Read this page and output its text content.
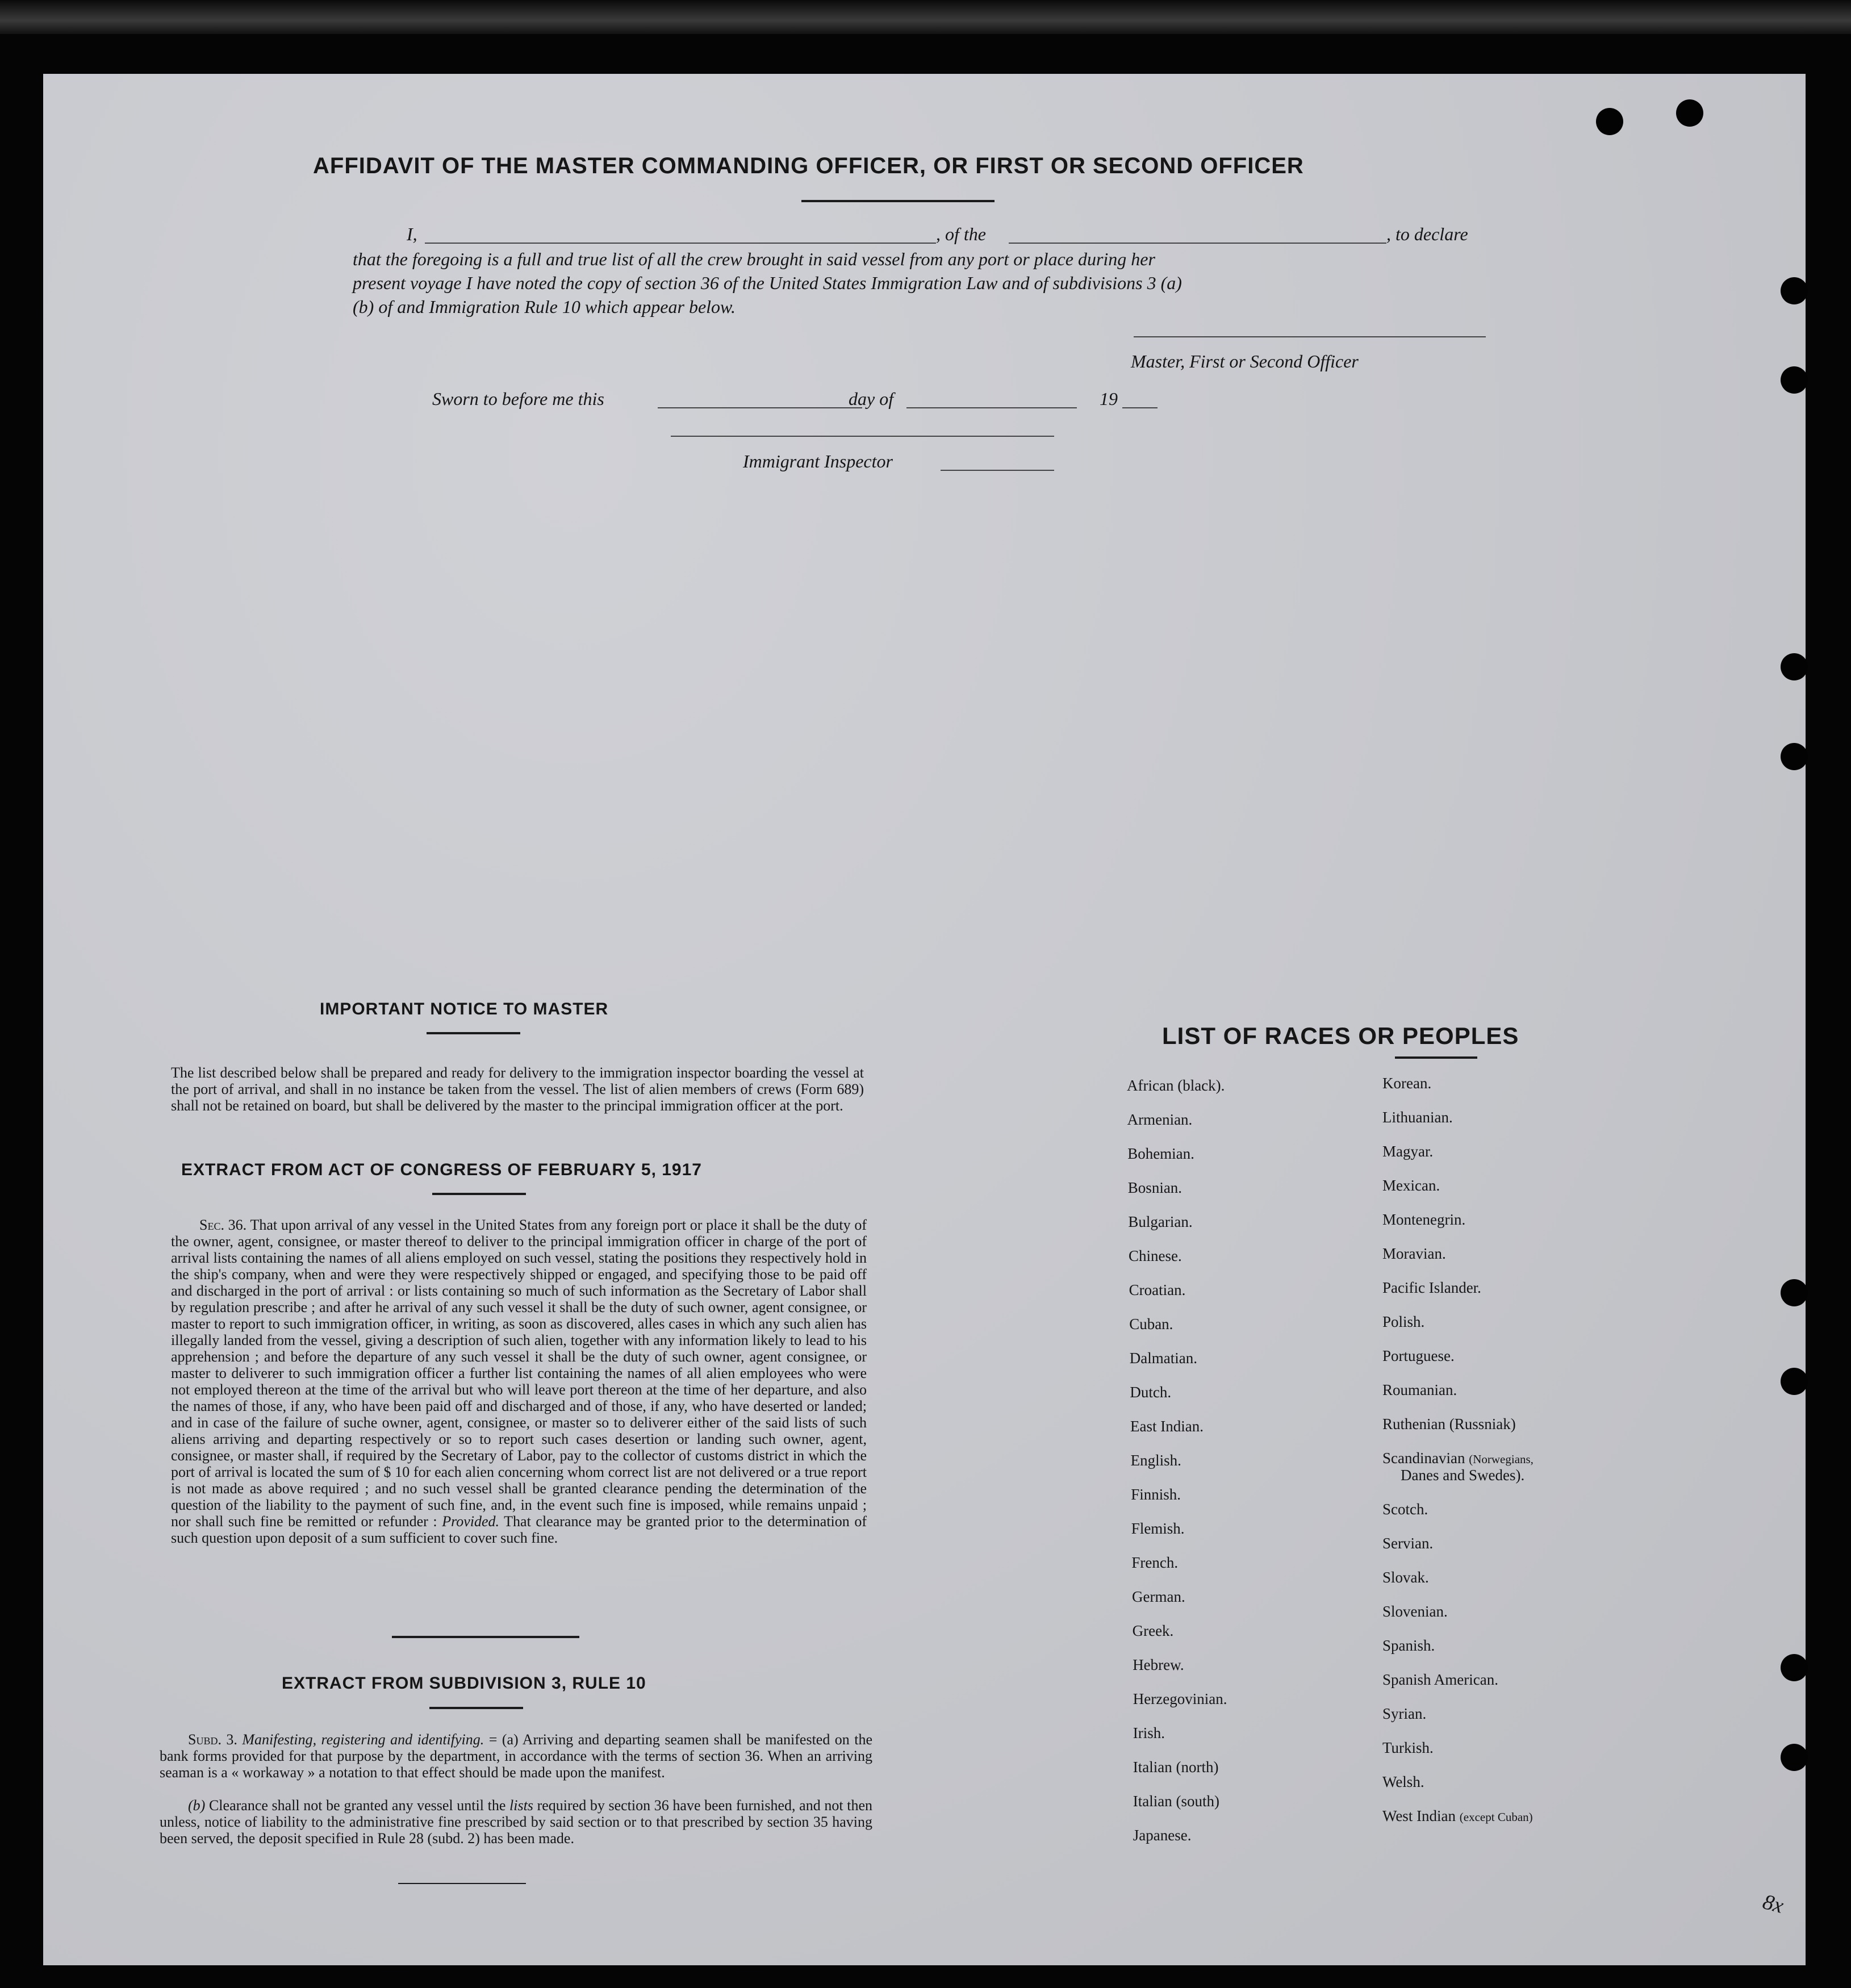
AFFIDAVIT OF THE MASTER COMMANDING OFFICER, OR FIRST OR SECOND OFFICER
I,	, of the	, to declare
that the foregoing is a full and true list of all the crew brought in said vessel from any port or place during her
present voyage I have noted the copy of section 36 of the United States Immigration Law and of subdivisions 3 (a)
(b) of and Immigration Rule 10 which appear below.
Master, First or Second Officer
Sworn to before me this	day of	19
Immigrant Inspector
IMPORTANT NOTICE TO MASTER
The list described below shall be prepared and ready for delivery to the immigration inspector boarding the vessel at the port of arrival, and shall in no instance be taken from the vessel. The list of alien members of crews (Form 689) shall not be retained on board, but shall be delivered by the master to the principal immigration officer at the port.
EXTRACT FROM ACT OF CONGRESS OF FEBRUARY 5, 1917
Sec. 36. That upon arrival of any vessel in the United States from any foreign port or place it shall be the duty of the owner, agent, consignee, or master thereof to deliver to the principal immigration officer in charge of the port of arrival lists containing the names of all aliens employed on such vessel, stating the positions they respectively hold in the ship's company, when and were they were respectively shipped or engaged, and specifying those to be paid off and discharged in the port of arrival : or lists containing so much of such information as the Secretary of Labor shall by regulation prescribe ; and after he arrival of any such vessel it shall be the duty of such owner, agent consignee, or master to report to such immigration officer, in writing, as soon as discovered, alles cases in which any such alien has illegally landed from the vessel, giving a description of such alien, together with any information likely to lead to his apprehension ; and before the departure of any such vessel it shall be the duty of such owner, agent consignee, or master to deliverer to such immigration officer a further list containing the names of all alien employees who were not employed thereon at the time of the arrival but who will leave port thereon at the time of her departure, and also the names of those, if any, who have been paid off and discharged and of those, if any, who have deserted or landed; and in case of the failure of suche owner, agent, consignee, or master so to deliverer either of the said lists of such aliens arriving and departing respectively or so to report such cases desertion or landing such owner, agent, consignee, or master shall, if required by the Secretary of Labor, pay to the collector of customs district in which the port of arrival is located the sum of $ 10 for each alien concerning whom correct list are not delivered or a true report is not made as above required ; and no such vessel shall be granted clearance pending the determination of the question of the liability to the payment of such fine, and, in the event such fine is imposed, while remains unpaid ; nor shall such fine be remitted or refunder : Provided. That clearance may be granted prior to the determination of such question upon deposit of a sum sufficient to cover such fine.
EXTRACT FROM SUBDIVISION 3, RULE 10
Subd. 3. Manifesting, registering and identifying. = (a) Arriving and departing seamen shall be manifested on the bank forms provided for that purpose by the department, in accordance with the terms of section 36. When an arriving seaman is a « workaway » a notation to that effect should be made upon the manifest.
(b) Clearance shall not be granted any vessel until the lists required by section 36 have been furnished, and not then unless, notice of liability to the administrative fine prescribed by said section or to that prescribed by section 35 having been served, the deposit specified in Rule 28 (subd. 2) has been made.
LIST OF RACES OR PEOPLES
African (black).
Armenian.
Bohemian.
Bosnian.
Bulgarian.
Chinese.
Croatian.
Cuban.
Dalmatian.
Dutch.
East Indian.
English.
Finnish.
Flemish.
French.
German.
Greek.
Hebrew.
Herzegovinian.
Irish.
Italian (north)
Italian (south)
Japanese.
Korean.
Lithuanian.
Magyar.
Mexican.
Montenegrin.
Moravian.
Pacific Islander.
Polish.
Portuguese.
Roumanian.
Ruthenian (Russniak)
Scandinavian (Norwegians,
Danes and Swedes).
Scotch.
Servian.
Slovak.
Slovenian.
Spanish.
Spanish American.
Syrian.
Turkish.
Welsh.
West Indian (except Cuban)
8x
